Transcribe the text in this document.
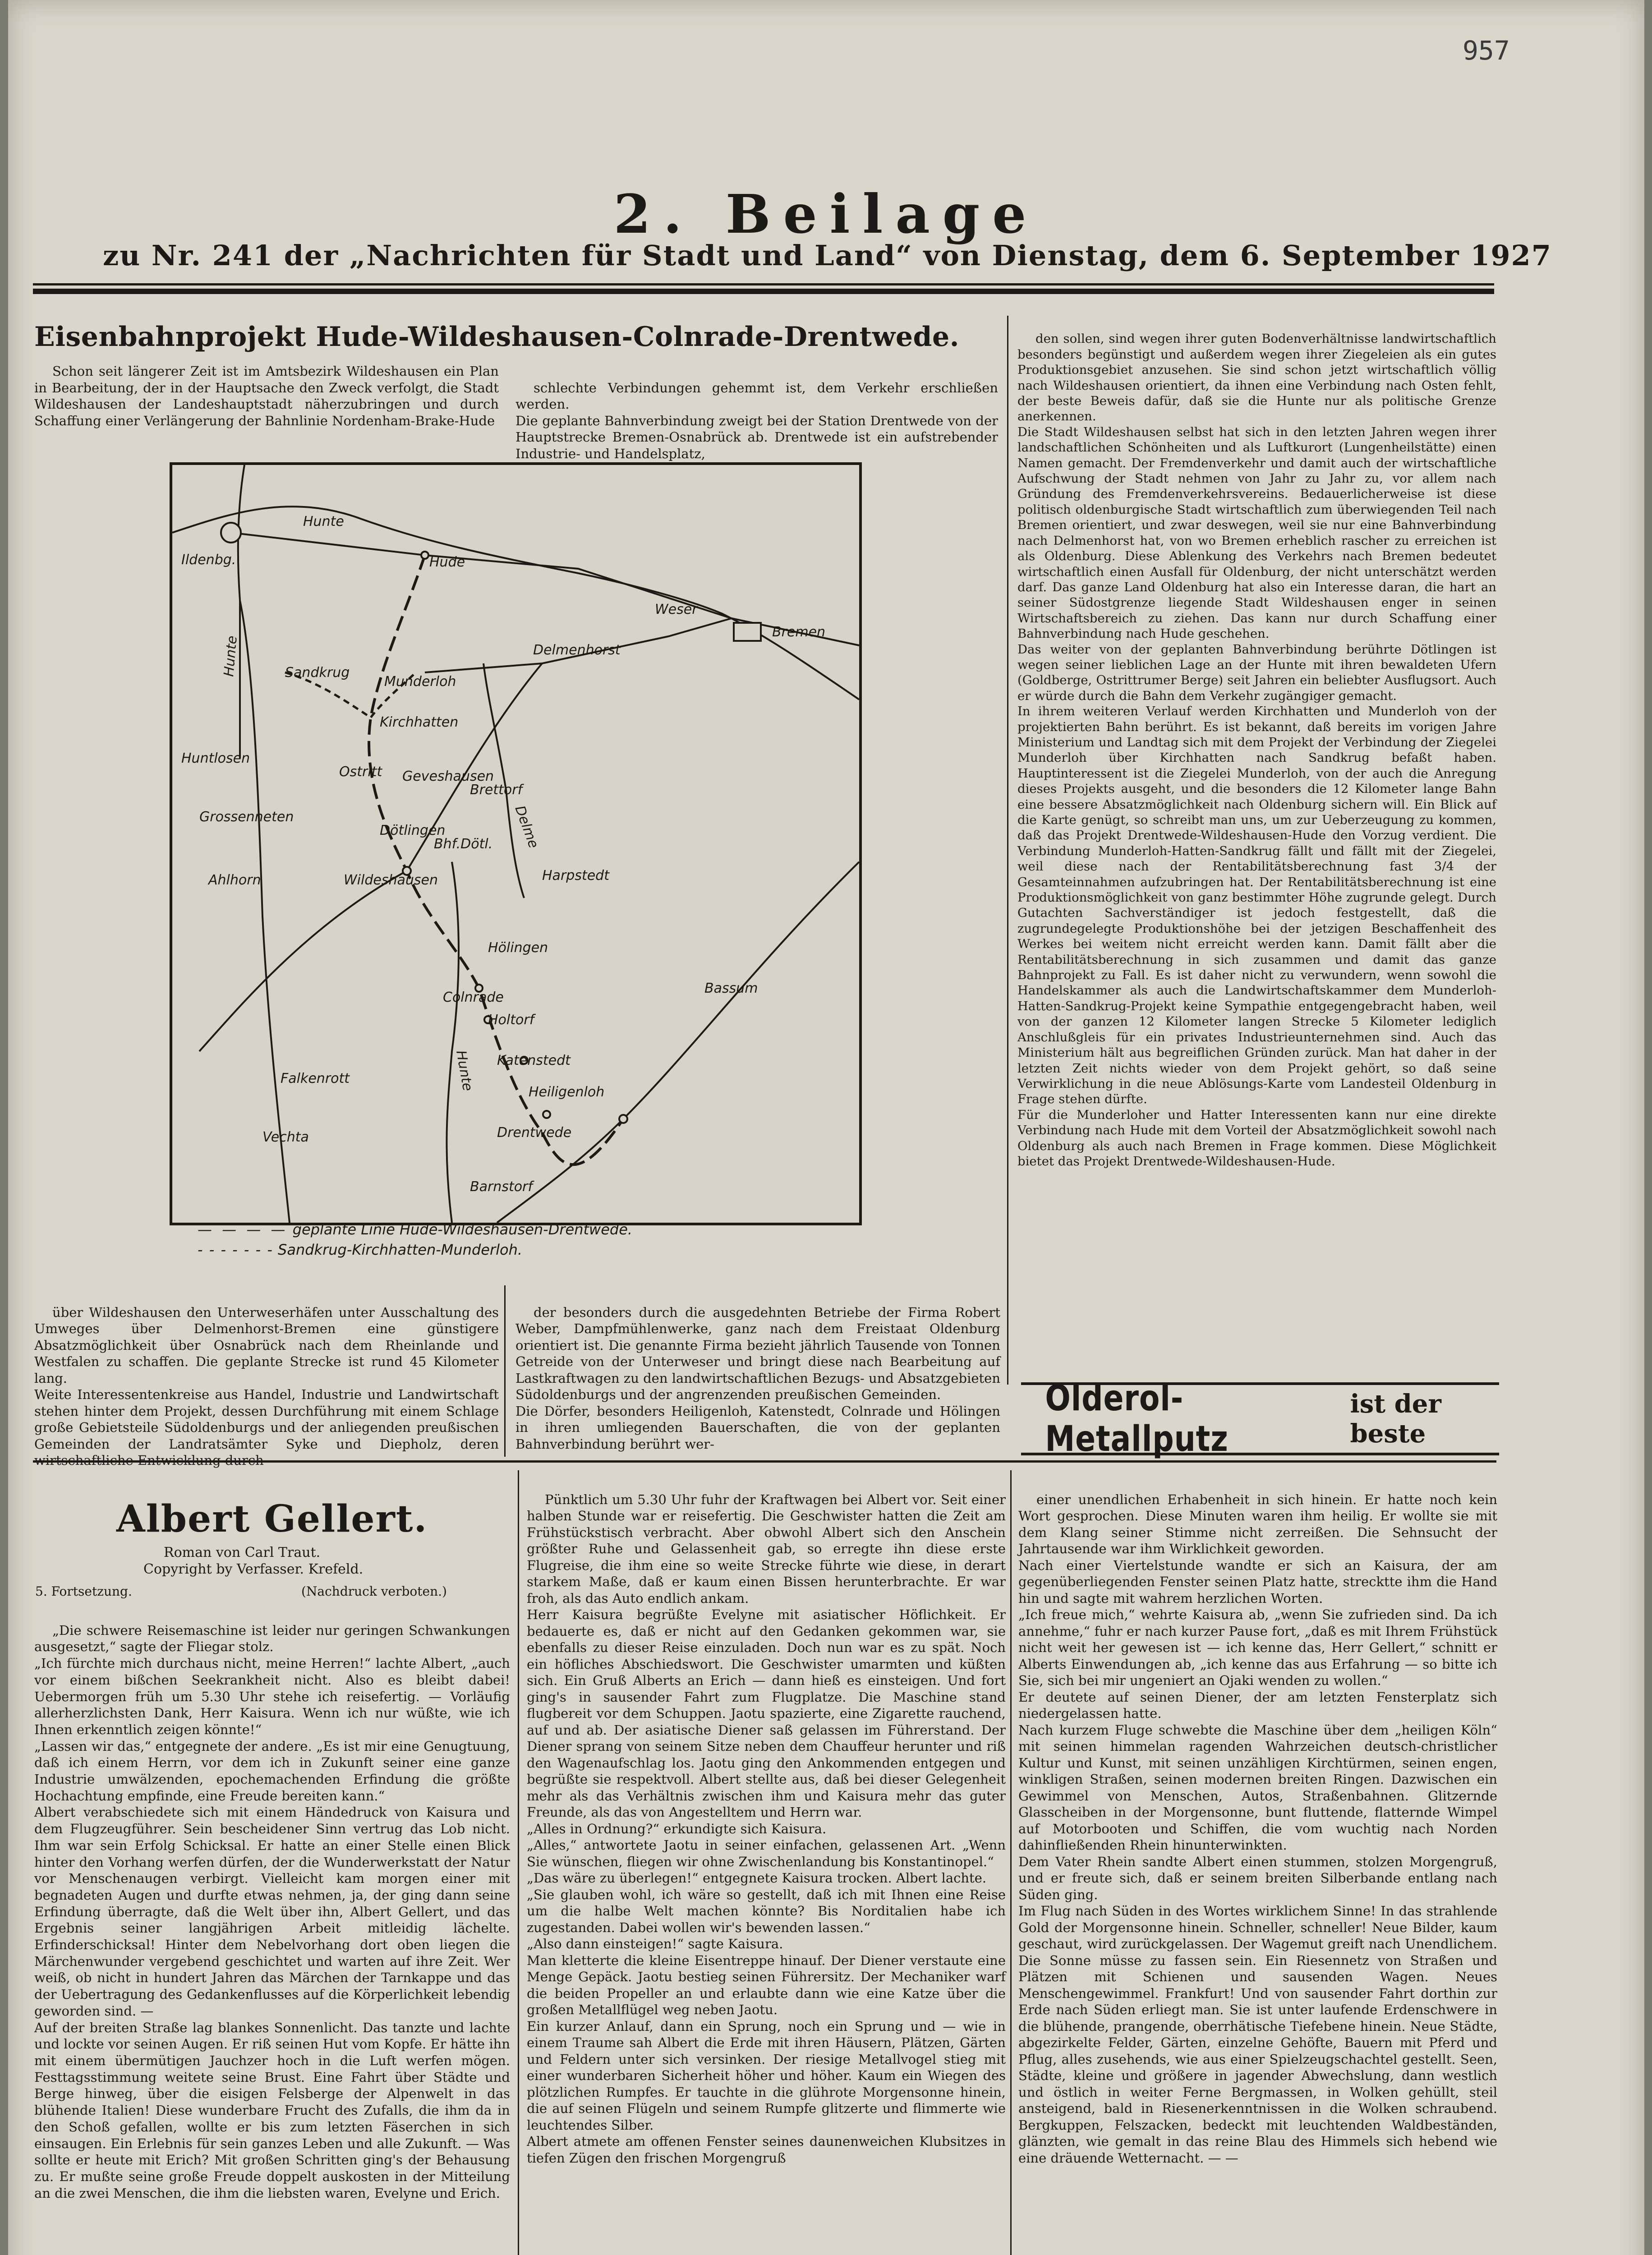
957
2. Beilage
zu Nr. 241 der „Nachrichten für Stadt und Land“ von Dienstag, dem 6. September 1927
Eisenbahnprojekt Hude-Wildeshausen-Colnrade-Drentwede.

Schon seit längerer Zeit ist im Amtsbezirk Wildeshausen ein Plan in Bearbeitung, der in der Hauptsache den Zweck verfolgt, die Stadt Wildeshausen der Landeshauptstadt näherzubringen und durch Schaffung einer Verlängerung der Bahnlinie Nordenham-Brake-Hude

schlechte Verbindungen gehemmt ist, dem Verkehr erschließen werden.
Die geplante Bahnverbindung zweigt bei der Station Drentwede von der Hauptstrecke Bremen-Osnabrück ab. Drentwede ist ein aufstrebender Industrie- und Handelsplatz,

den sollen, sind wegen ihrer guten Bodenverhältnisse landwirtschaftlich besonders begünstigt und außerdem wegen ihrer Ziegeleien als ein gutes Produktionsgebiet anzusehen. Sie sind schon jetzt wirtschaftlich völlig nach Wildeshausen orientiert, da ihnen eine Verbindung nach Osten fehlt, der beste Beweis dafür, daß sie die Hunte nur als politische Grenze anerkennen.
Die Stadt Wildeshausen selbst hat sich in den letzten Jahren wegen ihrer landschaftlichen Schönheiten und als Luftkurort (Lungenheilstätte) einen Namen gemacht. Der Fremdenverkehr und damit auch der wirtschaftliche Aufschwung der Stadt nehmen von Jahr zu Jahr zu, vor allem nach Gründung des Fremdenverkehrsvereins. Bedauerlicherweise ist diese politisch oldenburgische Stadt wirtschaftlich zum überwiegenden Teil nach Bremen orientiert, und zwar deswegen, weil sie nur eine Bahnverbindung nach Delmenhorst hat, von wo Bremen erheblich rascher zu erreichen ist als Oldenburg. Diese Ablenkung des Verkehrs nach Bremen bedeutet wirtschaftlich einen Ausfall für Oldenburg, der nicht unterschätzt werden darf. Das ganze Land Oldenburg hat also ein Interesse daran, die hart an seiner Südostgrenze liegende Stadt Wildeshausen enger in seinen Wirtschaftsbereich zu ziehen. Das kann nur durch Schaffung einer Bahnverbindung nach Hude geschehen.
Das weiter von der geplanten Bahnverbindung berührte Dötlingen ist wegen seiner lieblichen Lage an der Hunte mit ihren bewaldeten Ufern (Goldberge, Ostrittrumer Berge) seit Jahren ein beliebter Ausflugsort. Auch er würde durch die Bahn dem Verkehr zugängiger gemacht.
In ihrem weiteren Verlauf werden Kirchhatten und Munderloh von der projektierten Bahn berührt. Es ist bekannt, daß bereits im vorigen Jahre Ministerium und Landtag sich mit dem Projekt der Verbindung der Ziegelei Munderloh über Kirchhatten nach Sandkrug befaßt haben. Hauptinteressent ist die Ziegelei Munderloh, von der auch die Anregung dieses Projekts ausgeht, und die besonders die 12 Kilometer lange Bahn eine bessere Absatzmöglichkeit nach Oldenburg sichern will. Ein Blick auf die Karte genügt, so schreibt man uns, um zur Ueberzeugung zu kommen, daß das Projekt Drentwede-Wildeshausen-Hude den Vorzug verdient. Die Verbindung Munderloh-Hatten-Sandkrug fällt und fällt mit der Ziegelei, weil diese nach der Rentabilitätsberechnung fast 3/4 der Gesamteinnahmen aufzubringen hat. Der Rentabilitätsberechnung ist eine Produktionsmöglichkeit von ganz bestimmter Höhe zugrunde gelegt. Durch Gutachten Sachverständiger ist jedoch festgestellt, daß die zugrundegelegte Produktionshöhe bei der jetzigen Beschaffenheit des Werkes bei weitem nicht erreicht werden kann. Damit fällt aber die Rentabilitätsberechnung in sich zusammen und damit das ganze Bahnprojekt zu Fall. Es ist daher nicht zu verwundern, wenn sowohl die Handelskammer als auch die Landwirtschaftskammer dem Munderloh-Hatten-Sandkrug-Projekt keine Sympathie entgegengebracht haben, weil von der ganzen 12 Kilometer langen Strecke 5 Kilometer lediglich Anschlußgleis für ein privates Industrieunternehmen sind. Auch das Ministerium hält aus begreiflichen Gründen zurück. Man hat daher in der letzten Zeit nichts wieder von dem Projekt gehört, so daß seine Verwirklichung in die neue Ablösungs-Karte vom Landesteil Oldenburg in Frage stehen dürfte.
Für die Munderloher und Hatter Interessenten kann nur eine direkte Verbindung nach Hude mit dem Vorteil der Absatzmöglichkeit sowohl nach Oldenburg als auch nach Bremen in Frage kommen. Diese Möglichkeit bietet das Projekt Drentwede-Wildeshausen-Hude.

Hunte
Hude
Ildenbg.
Weser
Bremen
Delmenhorst
Sandkrug
Munderloh
Hunte
Kirchhatten
Huntlosen
Ostritt Geveshausen
Brettorf
Delme
Grossenneten
Dötlingen
Bhf.Dötl.
Harpstedt
Ahlhorn	Wildeshausen
Hölingen
Bassum
Colnrade
Holtorf
Hunte Katenstedt
Falkenrott
Heiligenloh
Vechta	Drentwede
Barnstorf
— — — — geplante Linie Hude-Wildeshausen-Drentwede.
- - - - - - - Sandkrug-Kirchhatten-Munderloh.

über Wildeshausen den Unterweserhäfen unter Ausschaltung des Umweges über Delmenhorst-Bremen eine günstigere Absatzmöglichkeit über Osnabrück nach dem Rheinlande und Westfalen zu schaffen. Die geplante Strecke ist rund 45 Kilometer lang.
Weite Interessentenkreise aus Handel, Industrie und Landwirtschaft stehen hinter dem Projekt, dessen Durchführung mit einem Schlage große Gebietsteile Südoldenburgs und der anliegenden preußischen Gemeinden der Landratsämter Syke und Diepholz, deren

der besonders durch die ausgedehnten Betriebe der Firma Robert Weber, Dampfmühlenwerke, ganz nach dem Freistaat Oldenburg orientiert ist. Die genannte Firma bezieht jährlich Tausende von Tonnen Getreide von der Unterweser und bringt diese nach Bearbeitung auf Lastkraftwagen zu den landwirtschaftlichen Bezugs- und Absatzgebieten Südoldenburgs und der angrenzenden preußischen Gemeinden.
Die Dörfer, besonders Heiligenloh, Katenstedt, Colnrade und Hölingen in ihren umliegenden Bauerschaften, die von der geplanten Bahnverbindung berührt wer-

Olderol-Metallputz
ist der beste
Albert Gellert.
Roman von Carl Traut.
Copyright by Verfasser. Krefeld.
5. Fortsetzung.	(Nachdruck verboten.)

„Die schwere Reisemaschine ist leider nur geringen Schwankungen ausgesetzt,“ sagte der Fliegar stolz.
„Ich fürchte mich durchaus nicht, meine Herren!“ lachte Albert, „auch vor einem bißchen Seekrankheit nicht. Also es bleibt dabei! Uebermorgen früh um 5.30 Uhr stehe ich reisefertig. — Vorläufig allerherzlichsten Dank, Herr Kaisura. Wenn ich nur wüßte, wie ich Ihnen erkenntlich zeigen könnte!“
„Lassen wir das,“ entgegnete der andere. „Es ist mir eine Genugtuung, daß ich einem Herrn, vor dem ich in Zukunft seiner eine ganze Industrie umwälzenden, epochemachenden Erfindung die größte Hochachtung empfinde, eine Freude bereiten kann.“
Albert verabschiedete sich mit einem Händedruck von Kaisura und dem Flugzeugführer. Sein bescheidener Sinn vertrug das Lob nicht. Ihm war sein Erfolg Schicksal. Er hatte an einer Stelle einen Blick hinter den Vorhang werfen dürfen, der die Wunderwerkstatt der Natur vor Menschenaugen verbirgt. Vielleicht kam morgen einer mit begnadeten Augen und durfte etwas nehmen, ja, der ging dann seine Erfindung überragte, daß die Welt über ihn, Albert Gellert, und das Ergebnis seiner langjährigen Arbeit mitleidig lächelte. Erfinderschicksal! Hinter dem Nebelvorhang dort oben liegen die Märchenwunder vergebend geschichtet und warten auf ihre Zeit. Wer weiß, ob nicht in hundert Jahren das Märchen der Tarnkappe und das der Uebertragung des Gedankenflusses auf die Körperlichkeit lebendig geworden sind. —
Auf der breiten Straße lag blankes Sonnenlicht. Das tanzte und lachte und lockte vor seinen Augen. Er riß seinen Hut vom Kopfe. Er hätte ihn mit einem übermütigen Jauchzer hoch in die Luft werfen mögen. Festtagsstimmung weitete seine Brust. Eine Fahrt über Städte und Berge hinweg, über die eisigen Felsberge der Alpenwelt in das blühende Italien! Diese wunderbare Frucht des Zufalls, die ihm da in den Schoß gefallen, wollte er bis zum letzten Fäserchen in sich einsaugen. Ein Erlebnis für sein ganzes Leben und alle Zukunft. — Was sollte er heute mit Erich? Mit großen Schritten ging's der Behausung zu. Er mußte seine große Freude doppelt auskosten in der Mitteilung an die zwei Menschen, die ihm die liebsten waren, Evelyne und Erich.

Pünktlich um 5.30 Uhr fuhr der Kraftwagen bei Albert vor. Seit einer halben Stunde war er reisefertig. Die Geschwister hatten die Zeit am Frühstückstisch verbracht. Aber obwohl Albert sich den Anschein größter Ruhe und Gelassenheit gab, so erregte ihn diese erste Flugreise, die ihm eine so weite Strecke führte wie diese, in derart starkem Maße, daß er kaum einen Bissen herunterbrachte. Er war froh, als das Auto endlich ankam.
Herr Kaisura begrüßte Evelyne mit asiatischer Höflichkeit. Er bedauerte es, daß er nicht auf den Gedanken gekommen war, sie ebenfalls zu dieser Reise einzuladen. Doch nun war es zu spät. Noch ein höfliches Abschiedswort. Die Geschwister umarmten und küßten sich. Ein Gruß Alberts an Erich — dann hieß es einsteigen. Und fort ging's in sausender Fahrt zum Flugplatze. Die Maschine stand flugbereit vor dem Schuppen. Jaotu spazierte, eine Zigarette rauchend, auf und ab. Der asiatische Diener saß gelassen im Führerstand. Der Diener sprang von seinem Sitze neben dem Chauffeur herunter und riß den Wagenaufschlag los. Jaotu ging den Ankommenden entgegen und begrüßte sie respektvoll. Albert stellte aus, daß bei dieser Gelegenheit mehr als das Verhältnis zwischen ihm und Kaisura mehr das guter Freunde, als das von Angestelltem und Herrn war.
„Alles in Ordnung?“ erkundigte sich Kaisura.
„Alles,“ antwortete Jaotu in seiner einfachen, gelassenen Art. „Wenn Sie wünschen, fliegen wir ohne Zwischenlandung bis Konstantinopel.“
„Das wäre zu überlegen!“ entgegnete Kaisura trocken. Albert lachte.
„Sie glauben wohl, ich wäre so gestellt, daß ich mit Ihnen eine Reise um die halbe Welt machen könnte? Bis Norditalien habe ich zugestanden. Dabei wollen wir's bewenden lassen.“
„Also dann einsteigen!“ sagte Kaisura.
Man kletterte die kleine Eisentreppe hinauf. Der Diener verstaute eine Menge Gepäck. Jaotu bestieg seinen Führersitz. Der Mechaniker warf die beiden Propeller an und erlaubte dann wie eine Katze über die großen Metallflügel weg neben Jaotu.
Ein kurzer Anlauf, dann ein Sprung, noch ein Sprung und — wie in einem Traume sah Albert die Erde mit ihren Häusern, Plätzen, Gärten und Feldern unter sich versinken. Der riesige Metallvogel stieg mit einer wunderbaren Sicherheit höher und höher. Kaum ein Wiegen des plötzlichen Rumpfes. Er tauchte in die glührote Morgensonne hinein, die auf seinen Flügeln und seinem Rumpfe glitzerte und flimmerte wie leuchtendes Silber.
Albert atmete am offenen Fenster seines daunenweichen Klubsitzes in tiefen Zügen den frischen Morgengruß

einer unendlichen Erhabenheit in sich hinein. Er hatte noch kein Wort gesprochen. Diese Minuten waren ihm heilig. Er wollte sie mit dem Klang seiner Stimme nicht zerreißen. Die Sehnsucht der Jahrtausende war ihm Wirklichkeit geworden.
Nach einer Viertelstunde wandte er sich an Kaisura, der am gegenüberliegenden Fenster seinen Platz hatte, strecktte ihm die Hand hin und sagte mit wahrem herzlichen Worten.
„Ich freue mich,“ wehrte Kaisura ab, „wenn Sie zufrieden sind. Da ich annehme,“ fuhr er nach kurzer Pause fort, „daß es mit Ihrem Frühstück nicht weit her gewesen ist — ich kenne das, Herr Gellert,“ schnitt er Alberts Einwendungen ab, „ich kenne das aus Erfahrung — so bitte ich Sie, sich bei mir ungeniert an Ojaki wenden zu wollen.“
Er deutete auf seinen Diener, der am letzten Fensterplatz sich niedergelassen hatte.
Nach kurzem Fluge schwebte die Maschine über dem „heiligen Köln“ mit seinen himmelan ragenden Wahrzeichen deutsch-christlicher Kultur und Kunst, mit seinen unzähligen Kirchtürmen, seinen engen, winkligen Straßen, seinen modernen breiten Ringen. Dazwischen ein Gewimmel von Menschen, Autos, Straßenbahnen. Glitzernde Glasscheiben in der Morgensonne, bunt fluttende, flatternde Wimpel auf Motorbooten und Schiffen, die vom wuchtig nach Norden dahinfließenden Rhein hinunterwinkten.
Dem Vater Rhein sandte Albert einen stummen, stolzen Morgengruß, und er freute sich, daß er seinem breiten Silberbande entlang nach Süden ging.
Im Flug nach Süden in des Wortes wirklichem Sinne! In das strahlende Gold der Morgensonne hinein. Schneller, schneller! Neue Bilder, kaum geschaut, wird zurückgelassen. Der Wagemut greift nach Unendlichem. Die Sonne müsse zu fassen sein. Ein Riesennetz von Straßen und Plätzen mit Schienen und sausenden Wagen. Neues Menschengewimmel. Frankfurt! Und von sausender Fahrt dorthin zur Erde nach Süden erliegt man. Sie ist unter laufende Erdenschwere in die blühende, prangende, oberrhätische Tiefebene hinein. Neue Städte, abgezirkelte Felder, Gärten, einzelne Gehöfte, Bauern mit Pferd und Pflug, alles zusehends, wie aus einer Spielzeugschachtel gestellt. Seen, Städte, kleine und größere in jagender Abwechslung, dann westlich und östlich in weiter Ferne Bergmassen, in Wolken gehüllt, steil ansteigend, bald in Riesenerkenntnissen in die Wolken schraubend. Bergkuppen, Felszacken, bedeckt mit leuchtenden Waldbeständen, glänzten, wie gemalt in das reine Blau des Himmels sich hebend wie eine dräuende Wetternacht. — —
